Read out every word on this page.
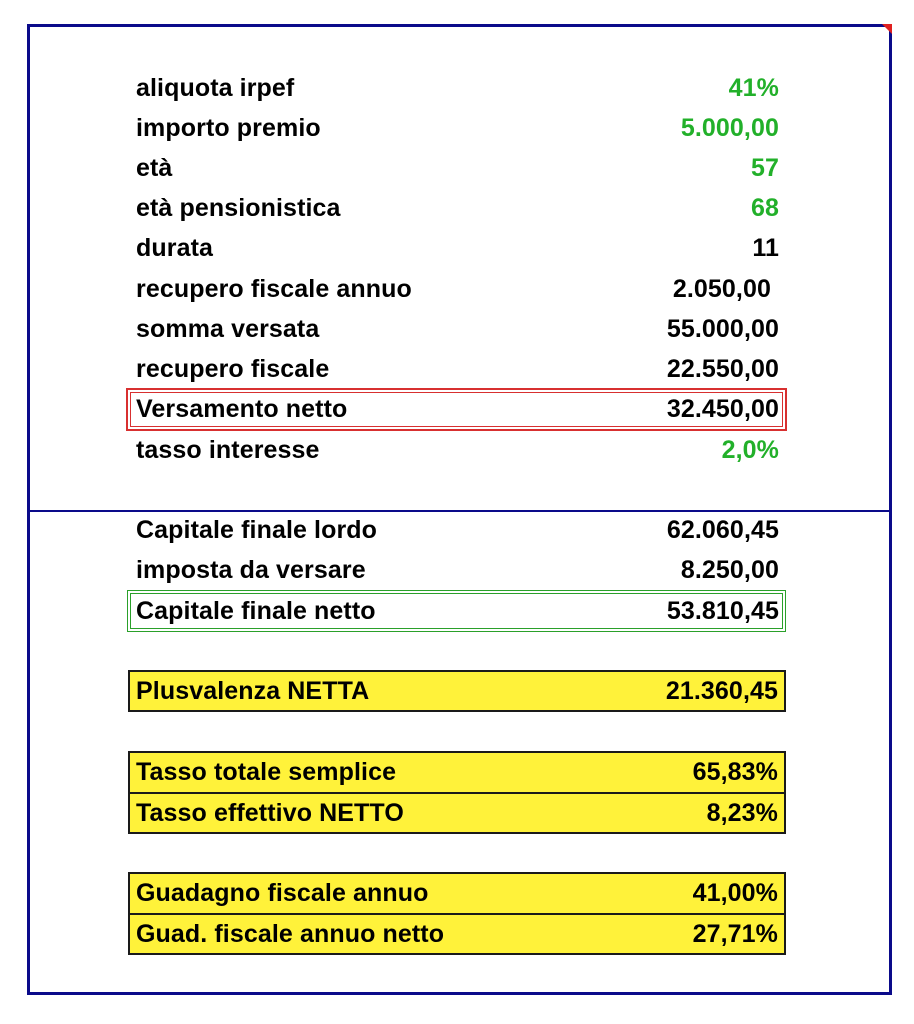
aliquota irpef	41%
importo premio	5.000,00
età	57
età pensionistica	68
durata	11
recupero fiscale annuo	2.050,00
somma versata	55.000,00
recupero fiscale	22.550,00
Versamento netto	32.450,00
tasso interesse	2,0%
Capitale finale lordo	62.060,45
imposta da versare	8.250,00
Capitale finale netto	53.810,45
Plusvalenza NETTA	21.360,45
Tasso totale semplice	65,83%
Tasso effettivo NETTO	8,23%
Guadagno fiscale annuo	41,00%
Guad. fiscale annuo netto	27,71%
